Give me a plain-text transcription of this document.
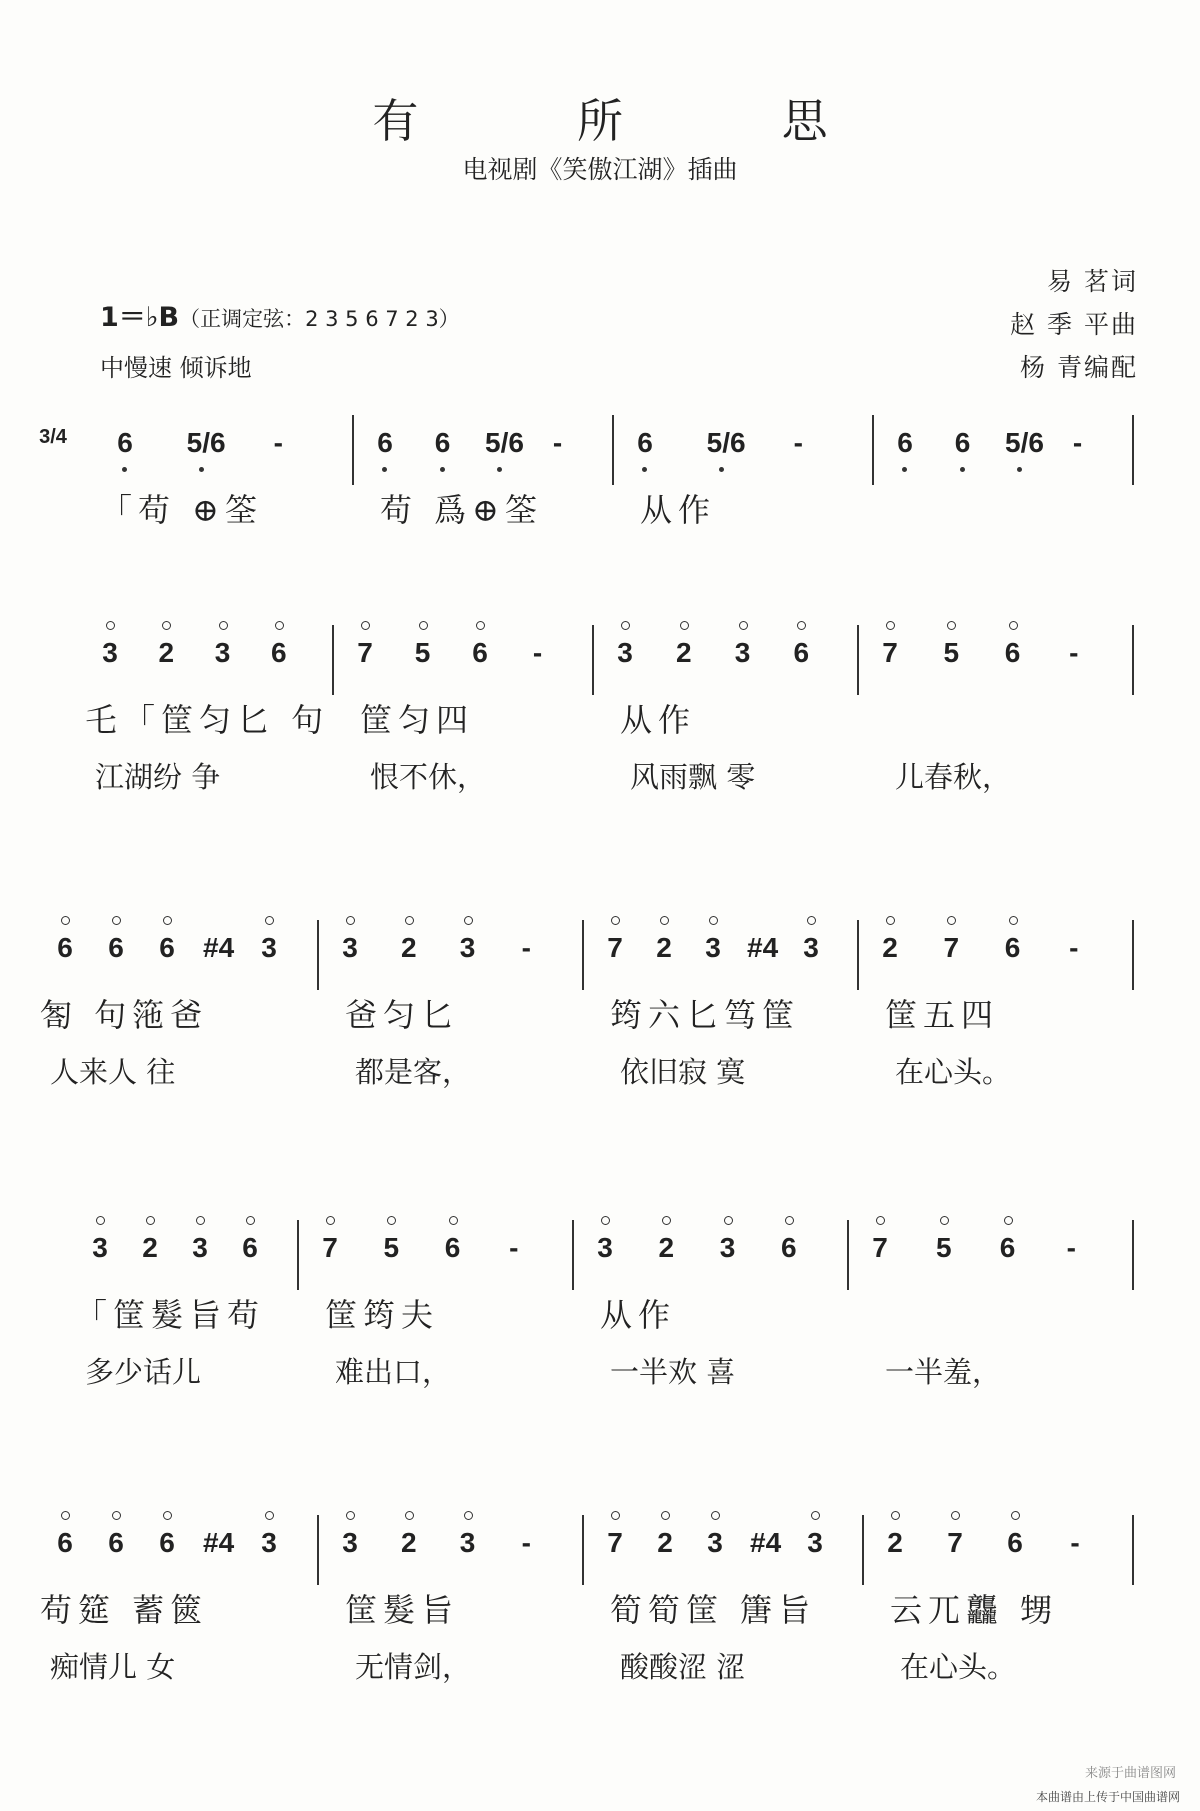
有 所 思
电视剧《笑傲江湖》插曲
易 茗词
赵 季 平曲
杨 青编配
1＝♭B（正调定弦：2 3 5 6 7 2 3）
中慢速 倾诉地
6 5/6	-	6 6 5/6	-	6 5/6	-	6 6 5/6	-
「苟 ⊕筌	苟 爲⊕筌	从作
3 2 3 6	7 5 6	-	3 2 3 6	7 5 6	-
乇「筐匀匕 句 筐匀四	从作
江湖纷 争	恨不休，	风雨飘 零	儿春秋，
6 6 6 #4 3 3 2 3	-	7 2 3 #4 3 2 7 6	-
匒 句筂爸	爸匀匕	筠六匕笃筐	筐五四
人来人 往	都是客，	依旧寂 寞	在心头。
3 2 3 6 7 5 6	-	3 2 3 6	7 5 6	-
「筐髮旨苟 筐筠夫	从作
多少话儿	难出口，	一半欢 喜	一半羞，
6 6 6 #4 3 3 2 3	-	7 2 3 #4 3 2 7 6	-
苟筵 蓄篋	筐髮旨	筍筍筐 篖旨 云兀龘 甥
痴情儿 女	无情剑，	酸酸涩 涩	在心头。
3/4
来源于曲谱图网
本曲谱由上传于中国曲谱网
